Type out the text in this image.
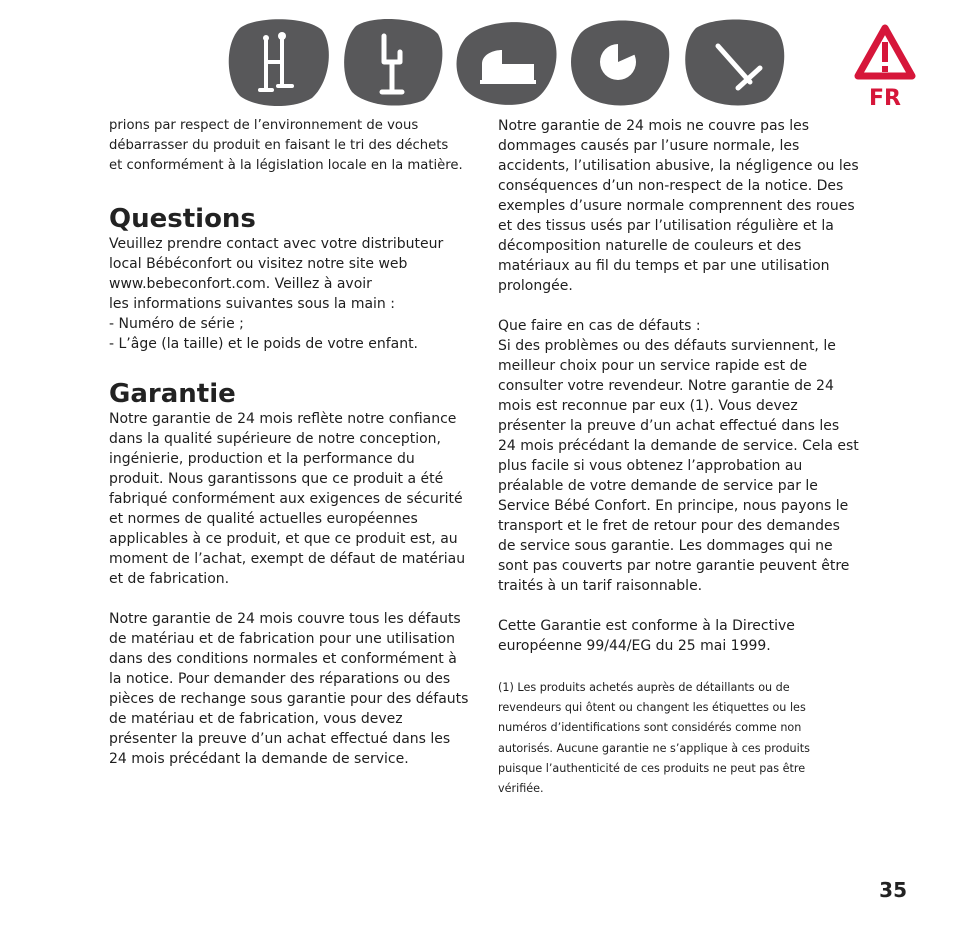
FR
prions par respect de l’environnement de vous
débarrasser du produit en faisant le tri des déchets
et conformément à la législation locale en la matière.
Questions
Veuillez prendre contact avec votre distributeur
local Bébéconfort ou visitez notre site web
www.bebeconfort.com. Veillez à avoir
les informations suivantes sous la main :
- Numéro de série ;
- L’âge (la taille) et le poids de votre enfant.
Garantie
Notre garantie de 24 mois reflète notre confiance
dans la qualité supérieure de notre conception,
ingénierie, production et la performance du
produit. Nous garantissons que ce produit a été
fabriqué conformément aux exigences de sécurité
et normes de qualité actuelles européennes
applicables à ce produit, et que ce produit est, au
moment de l’achat, exempt de défaut de matériau
et de fabrication.
Notre garantie de 24 mois couvre tous les défauts
de matériau et de fabrication pour une utilisation
dans des conditions normales et conformément à
la notice. Pour demander des réparations ou des
pièces de rechange sous garantie pour des défauts
de matériau et de fabrication, vous devez
présenter la preuve d’un achat effectué dans les
24 mois précédant la demande de service.
Notre garantie de 24 mois ne couvre pas les
dommages causés par l’usure normale, les
accidents, l’utilisation abusive, la négligence ou les
conséquences d’un non-respect de la notice. Des
exemples d’usure normale comprennent des roues
et des tissus usés par l’utilisation régulière et la
décomposition naturelle de couleurs et des
matériaux au fil du temps et par une utilisation
prolongée.
Que faire en cas de défauts :
Si des problèmes ou des défauts surviennent, le
meilleur choix pour un service rapide est de
consulter votre revendeur. Notre garantie de 24
mois est reconnue par eux (1). Vous devez
présenter la preuve d’un achat effectué dans les
24 mois précédant la demande de service. Cela est
plus facile si vous obtenez l’approbation au
préalable de votre demande de service par le
Service Bébé Confort. En principe, nous payons le
transport et le fret de retour pour des demandes
de service sous garantie. Les dommages qui ne
sont pas couverts par notre garantie peuvent être
traités à un tarif raisonnable.
Cette Garantie est conforme à la Directive
européenne 99/44/EG du 25 mai 1999.
(1) Les produits achetés auprès de détaillants ou de
revendeurs qui ôtent ou changent les étiquettes ou les
numéros d’identifications sont considérés comme non
autorisés. Aucune garantie ne s’applique à ces produits
puisque l’authenticité de ces produits ne peut pas être
vérifiée.
35
